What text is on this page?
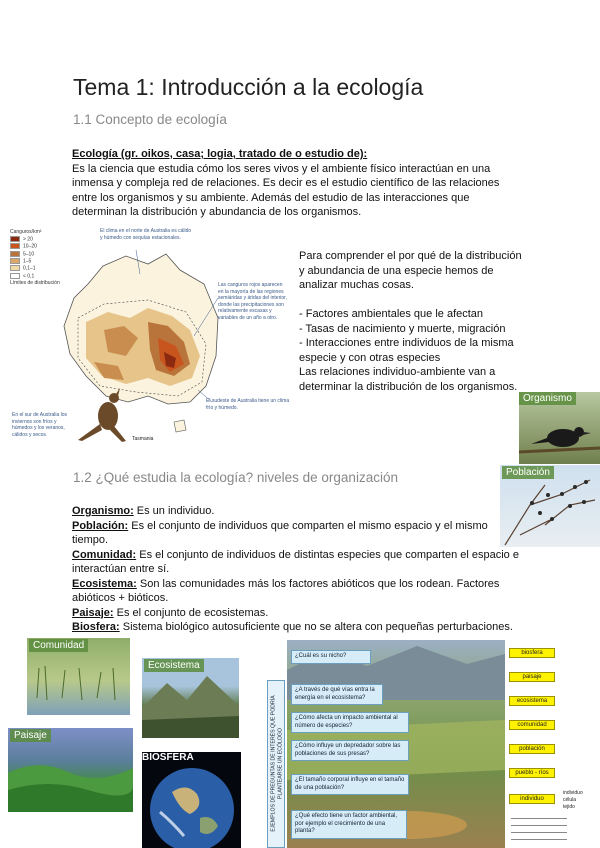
Tema 1: Introducción a la ecología
1.1 Concepto de ecología
Ecología (gr. oikos, casa; logia, tratado de o estudio de):
Es la ciencia que estudia cómo los seres vivos y el ambiente físico interactúan en una
inmensa y compleja red de relaciones. Es decir es el estudio científico de las relaciones
entre los organismos y su ambiente. Además del estudio de las interacciones que
determinan la distribución y abundancia de los organismos.
Canguros/km²
> 20
10–20
5–10
1–5
0,1–1
< 0,1
Límites de distribución
El clima en el norte de Australia es cálido y húmedo con sequías estacionales.
Las canguros rojos aparecen en la mayoría de las regiones semiáridas y áridas del interior, donde las precipitaciones son relativamente escasas y variables de un año a otro.
El sudeste de Australia tiene un clima frío y húmedo.
En el sur de Australia los inviernos son fríos y húmedos y los veranos, cálidos y secos.
Tasmania
Para comprender el por qué de la distribución
y abundancia de una especie hemos de
analizar muchas cosas.
- Factores ambientales que le afectan
- Tasas de nacimiento y muerte, migración
- Interacciones entre individuos de la misma
especie y con otras especies
Las relaciones individuo-ambiente van a
determinar la distribución de los organismos.
Organismo
Población
1.2 ¿Qué estudia la ecología? niveles de organización
Organismo: Es un individuo.
Población: Es el conjunto de individuos que comparten el mismo espacio y el mismo
tiempo.
Comunidad: Es el conjunto de individuos de distintas especies que comparten el espacio e
interactúan entre sí.
Ecosistema: Son las comunidades más los factores abióticos que los rodean. Factores
abióticos + bióticos.
Paisaje: Es el conjunto de ecosistemas.
Biosfera: Sistema biológico autosuficiente que no se altera con pequeñas perturbaciones.
Comunidad
Ecosistema
Paisaje
BIOSFERA	EJEMPLOS DE PREGUNTAS DE INTERÉS QUE PODRÍA PLANTEARSE UN ECÓLOGO
¿Cuál es su nicho?
¿A través de qué vías entra la energía en el ecosistema?
¿Cómo afecta un impacto ambiental al número de especies?
¿Cómo influye un depredador sobre las poblaciones de sus presas?
¿El tamaño corporal influye en el tamaño de una población?
¿Qué efecto tiene un factor ambiental, por ejemplo el crecimiento de una planta?
biosfera
paisaje
ecosistema
comunidad
población
pueblo - ríos
individuo
individuo
célula
tejido
